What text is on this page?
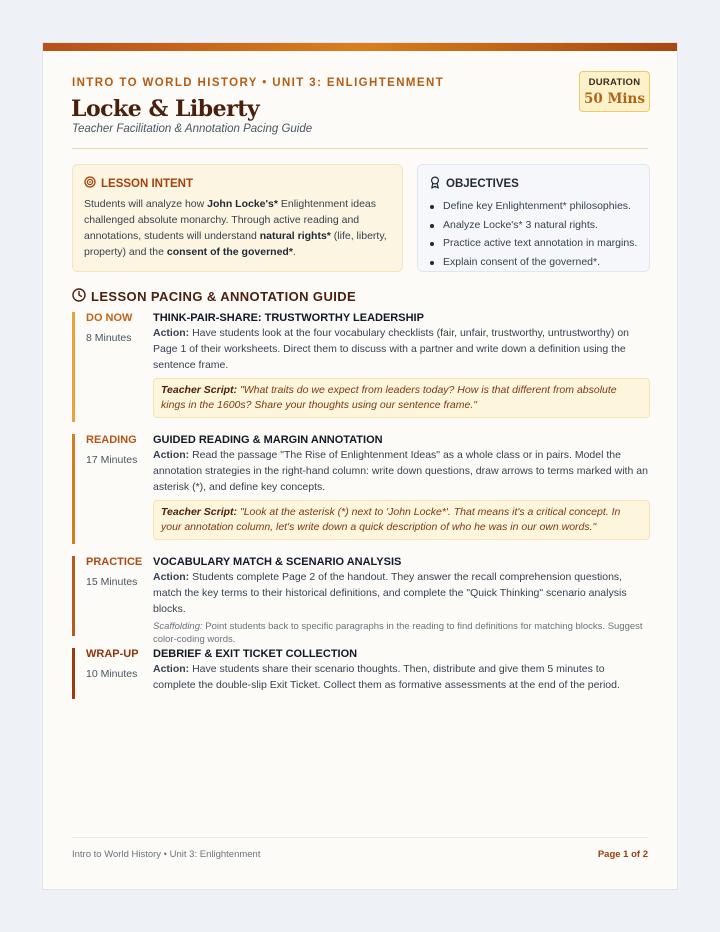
INTRO TO WORLD HISTORY • UNIT 3: ENLIGHTENMENT
Locke & Liberty
Teacher Facilitation & Annotation Pacing Guide
DURATION
50 Mins
LESSON INTENT
Students will analyze how John Locke's* Enlightenment ideas challenged absolute monarchy. Through active reading and annotations, students will understand natural rights* (life, liberty, property) and the consent of the governed*.
OBJECTIVES
Define key Enlightenment* philosophies.
Analyze Locke's* 3 natural rights.
Practice active text annotation in margins.
Explain consent of the governed*.
LESSON PACING & ANNOTATION GUIDE
DO NOW
8 Minutes
THINK-PAIR-SHARE: TRUSTWORTHY LEADERSHIP
Action: Have students look at the four vocabulary checklists (fair, unfair, trustworthy, untrustworthy) on Page 1 of their worksheets. Direct them to discuss with a partner and write down a definition using the sentence frame.
Teacher Script: "What traits do we expect from leaders today? How is that different from absolute kings in the 1600s? Share your thoughts using our sentence frame."
READING
17 Minutes
GUIDED READING & MARGIN ANNOTATION
Action: Read the passage "The Rise of Enlightenment Ideas" as a whole class or in pairs. Model the annotation strategies in the right-hand column: write down questions, draw arrows to terms marked with an asterisk (*), and define key concepts.
Teacher Script: "Look at the asterisk (*) next to 'John Locke*'. That means it's a critical concept. In your annotation column, let's write down a quick description of who he was in our own words."
PRACTICE
15 Minutes
VOCABULARY MATCH & SCENARIO ANALYSIS
Action: Students complete Page 2 of the handout. They answer the recall comprehension questions, match the key terms to their historical definitions, and complete the "Quick Thinking" scenario analysis blocks.
Scaffolding: Point students back to specific paragraphs in the reading to find definitions for matching blocks. Suggest color-coding words.
WRAP-UP
10 Minutes
DEBRIEF & EXIT TICKET COLLECTION
Action: Have students share their scenario thoughts. Then, distribute and give them 5 minutes to complete the double-slip Exit Ticket. Collect them as formative assessments at the end of the period.
Intro to World History • Unit 3: Enlightenment	Page 1 of 2
